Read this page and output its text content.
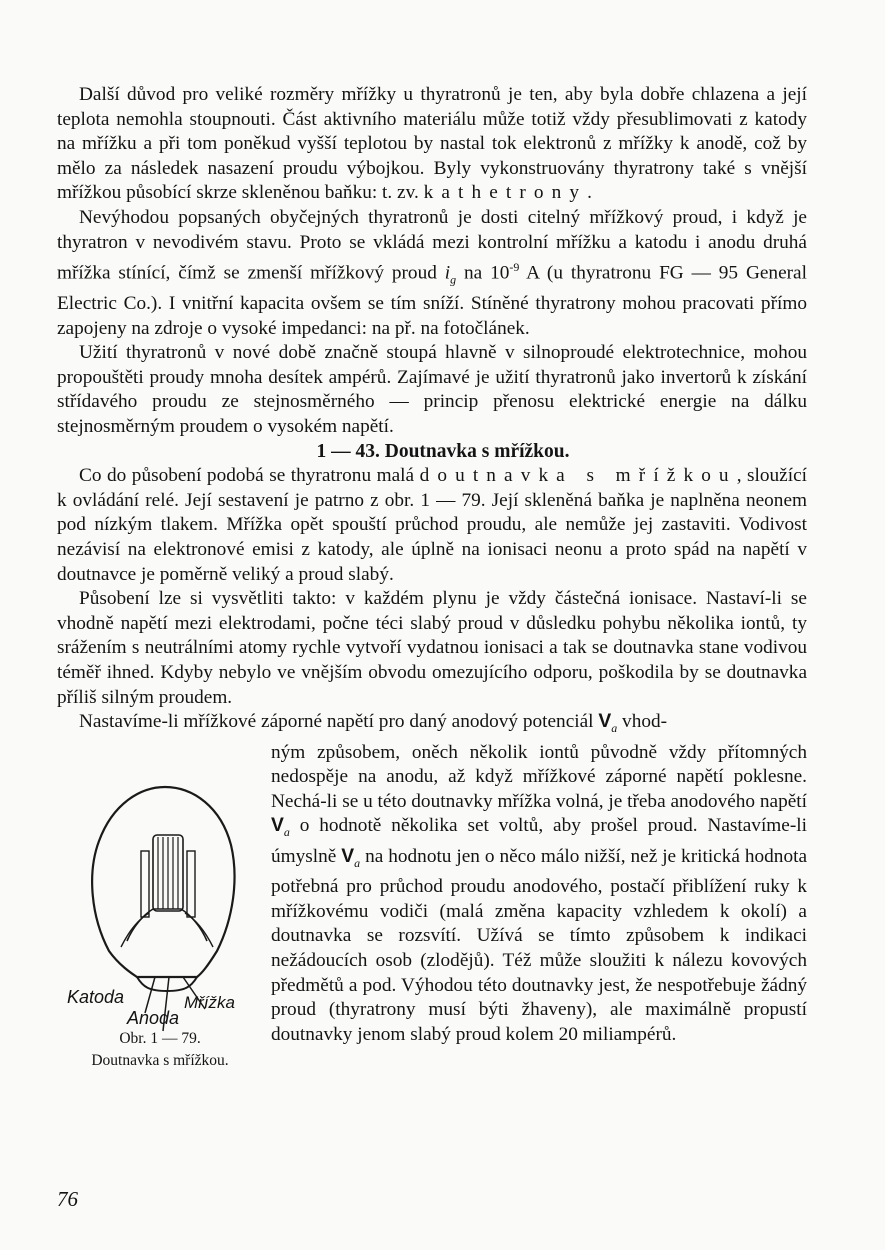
Další důvod pro veliké rozměry mřížky u thyratronů je ten, aby byla dobře chlazena a její teplota nemohla stoupnouti. Část aktivního materiálu může totiž vždy přesublimovati z katody na mřížku a při tom poněkud vyšší teplotou by nastal tok elektronů z mřížky k anodě, což by mělo za následek nasazení proudu výbojkou. Byly vykonstruovány thyratrony také s vnější mřížkou působící skrze skleněnou baňku: t. zv. kathetrony.

Nevýhodou popsaných obyčejných thyratronů je dosti citelný mřížkový proud, i když je thyratron v nevodivém stavu. Proto se vkládá mezi kontrolní mřížku a katodu i anodu druhá mřížka stínící, čímž se zmenší mřížkový proud $i_g$ na $10^{-9}$ A (u thyratronu FG — 95 General Electric Co.). I vnitřní kapacita ovšem se tím sníží. Stíněné thyratrony mohou pracovati přímo zapojeny na zdroje o vysoké impedanci: na př. na fotočlánek.

Užití thyratronů v nové době značně stoupá hlavně v silnoproudé elektrotechnice, mohou propouštěti proudy mnoha desítek ampérů. Zajímavé je užití thyratronů jako invertorů k získání střídavého proudu ze stejnosměrného — princip přenosu elektrické energie na dálku stejnosměrným proudem o vysokém napětí.

1 — 43. Doutnavka s mřížkou.

Co do působení podobá se thyratronu malá doutnavka s mřížkou, sloužící k ovládání relé. Její sestavení je patrno z obr. 1 — 79. Její skleněná baňka je naplněna neonem pod nízkým tlakem. Mřížka opět spouští průchod proudu, ale nemůže jej zastaviti. Vodivost nezávisí na elektronové emisi z katody, ale úplně na ionisaci neonu a proto spád na napětí v doutnavce je poměrně veliký a proud slabý.

Působení lze si vysvětliti takto: v každém plynu je vždy částečná ionisace. Nastaví-li se vhodně napětí mezi elektrodami, počne téci slabý proud v důsledku pohybu několika iontů, ty srážením s neutrálními atomy rychle vytvoří vydatnou ionisaci a tak se doutnavka stane vodivou téměř ihned. Kdyby nebylo ve vnějším obvodu omezujícího odporu, poškodila by se doutnavka příliš silným proudem.

Nastavíme-li mřížkové záporné napětí pro daný anodový potenciál $V_a$ vhod-

Katoda
Anoda
Mřížka
Obr. 1 — 79.
Doutnavka s mřížkou.

ným způsobem, oněch několik iontů původně vždy přítomných nedospěje na anodu, až když mřížkové záporné napětí poklesne. Nechá-li se u této doutnavky mřížka volná, je třeba anodového napětí $V_a$ o hodnotě několika set voltů, aby prošel proud. Nastavíme-li úmyslně $V_a$ na hodnotu jen o něco málo nižší, než je kritická hodnota potřebná pro průchod proudu anodového, postačí přiblížení ruky k mřížkovému vodiči (malá změna kapacity vzhledem k okolí) a doutnavka se rozsvítí. Užívá se tímto způsobem k indikaci nežádoucích osob (zlodějů). Též může sloužiti k nálezu kovových předmětů a pod. Výhodou této doutnavky jest, že nespotřebuje žádný proud (thyratrony musí býti žhaveny), ale maximálně propustí doutnavky jenom slabý proud kolem 20 miliampérů.

76
